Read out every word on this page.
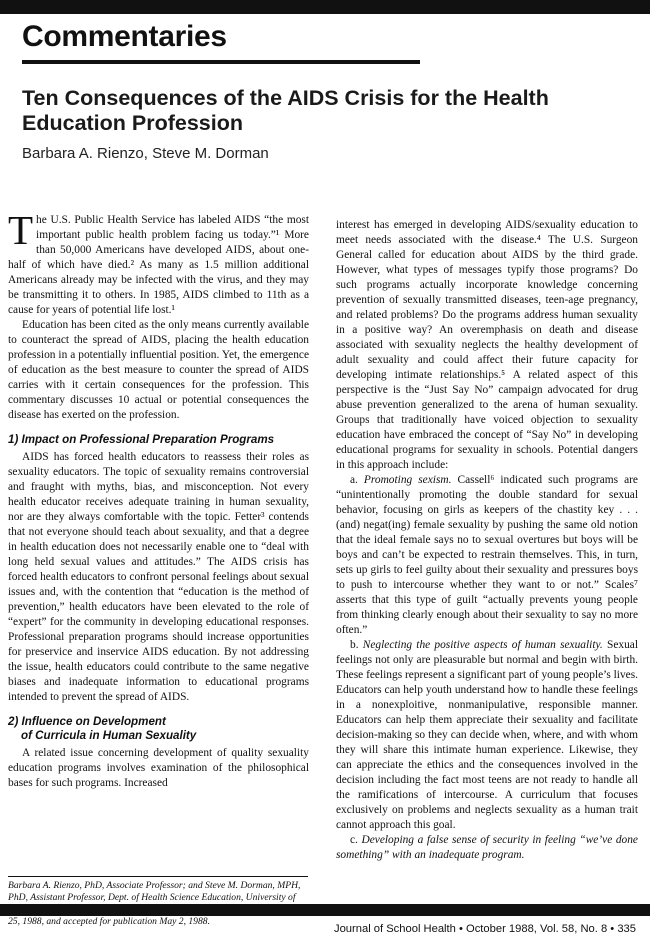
Commentaries
Ten Consequences of the AIDS Crisis for the Health Education Profession
Barbara A. Rienzo, Steve M. Dorman

The U.S. Public Health Service has labeled AIDS “the most important public health problem facing us today.”¹ More than 50,000 Americans have developed AIDS, about one-half of which have died.² As many as 1.5 million additional Americans already may be infected with the virus, and they may be transmitting it to others. In 1985, AIDS climbed to 11th as a cause for years of potential life lost.¹

Education has been cited as the only means currently available to counteract the spread of AIDS, placing the health education profession in a potentially influential position. Yet, the emergence of education as the best measure to counter the spread of AIDS carries with it certain consequences for the profession. This commentary discusses 10 actual or potential consequences the disease has exerted on the profession.

1) Impact on Professional Preparation Programs

AIDS has forced health educators to reassess their roles as sexuality educators. The topic of sexuality remains controversial and fraught with myths, bias, and misconception. Not every health educator receives adequate training in human sexuality, nor are they always comfortable with the topic. Fetter³ contends that not everyone should teach about sexuality, and that a degree in health education does not necessarily enable one to “deal with long held sexual values and attitudes.” The AIDS crisis has forced health educators to confront personal feelings about sexual issues and, with the contention that “education is the method of prevention,” health educators have been elevated to the role of “expert” for the community in developing educational responses. Professional preparation programs should increase opportunities for preservice and inservice AIDS education. By not addressing the issue, health educators could contribute to the same negative biases and inadequate information to educational programs intended to prevent the spread of AIDS.

2) Influence on Development
of Curricula in Human Sexuality

A related issue concerning development of quality sexuality education programs involves examination of the philosophical bases for such programs. Increased

Barbara A. Rienzo, PhD, Associate Professor; and Steve M. Dorman, MPH, PhD, Assistant Professor, Dept. of Health Science Education, University of 25, 1988, and accepted for publication May 2, 1988.

interest has emerged in developing AIDS/sexuality education to meet needs associated with the disease.⁴ The U.S. Surgeon General called for education about AIDS by the third grade. However, what types of messages typify those programs? Do such programs actually incorporate knowledge concerning prevention of sexually transmitted diseases, teen-age pregnancy, and related problems? Do the programs address human sexuality in a positive way? An overemphasis on death and disease associated with sexuality neglects the healthy development of adult sexuality and could affect their future capacity for developing intimate relationships.⁵ A related aspect of this perspective is the “Just Say No” campaign advocated for drug abuse prevention generalized to the arena of human sexuality. Groups that traditionally have voiced objection to sexuality education have embraced the concept of “Say No” in developing educational programs for sexuality in schools. Potential dangers in this approach include:

a. Promoting sexism. Cassell⁶ indicated such programs are “unintentionally promoting the double standard for sexual behavior, focusing on girls as keepers of the chastity key . . . (and) negat(ing) female sexuality by pushing the same old notion that the ideal female says no to sexual overtures but boys will be boys and can’t be expected to restrain themselves. This, in turn, sets up girls to feel guilty about their sexuality and pressures boys to push to intercourse whether they want to or not.” Scales⁷ asserts that this type of guilt “actually prevents young people from thinking clearly enough about their sexuality to say no more often.”

b. Neglecting the positive aspects of human sexuality. Sexual feelings not only are pleasurable but normal and begin with birth. These feelings represent a significant part of young people’s lives. Educators can help youth understand how to handle these feelings in a nonexploitive, nonmanipulative, responsible manner. Educators can help them appreciate their sexuality and facilitate decision-making so they can decide when, where, and with whom they will share this intimate human experience. Likewise, they can appreciate the ethics and the consequences involved in the decision including the fact most teens are not ready to handle all the ramifications of intercourse. A curriculum that focuses exclusively on problems and neglects sexuality as a human trait cannot approach this goal.

c. Developing a false sense of security in feeling “we’ve done something” with an inadequate program.

Journal of School Health • October 1988, Vol. 58, No. 8 • 335
